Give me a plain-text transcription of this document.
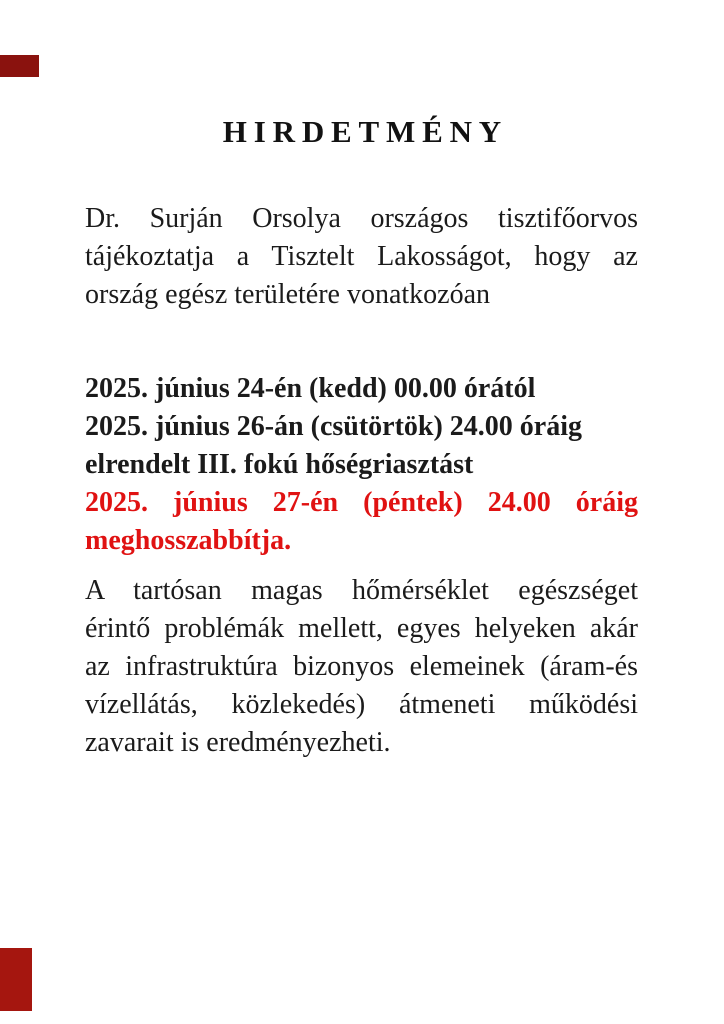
HIRDETMÉNY
Dr. Surján Orsolya országos tisztifőorvos
tájékoztatja a Tisztelt Lakosságot, hogy az
ország egész területére vonatkozóan
2025. június 24-én (kedd) 00.00 órától
2025. június 26-án (csütörtök) 24.00 óráig
elrendelt III. fokú hőségriasztást
2025. június 27-én (péntek) 24.00 óráig
meghosszabbítja.
A tartósan magas hőmérséklet egészséget
érintő problémák mellett, egyes helyeken akár
az infrastruktúra bizonyos elemeinek (áram-és
vízellátás, közlekedés) átmeneti működési
zavarait is eredményezheti.
